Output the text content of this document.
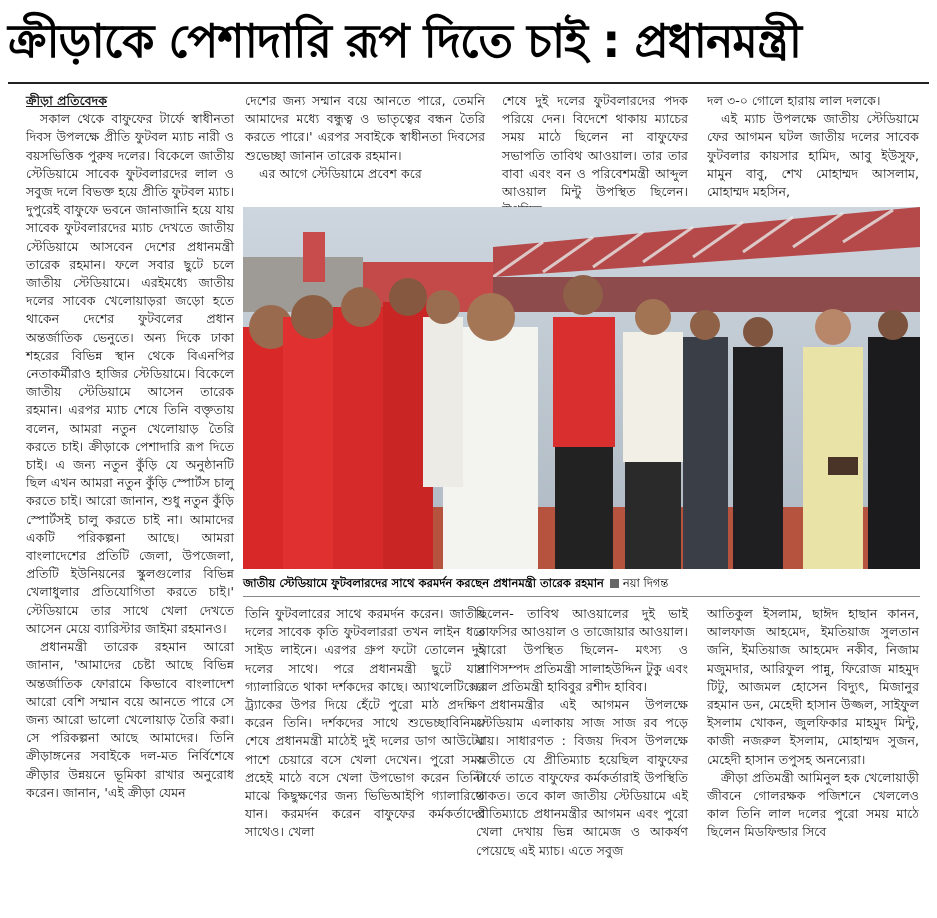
ক্রীড়াকে পেশাদারি রূপ দিতে চাই : প্রধানমন্ত্রী
ক্রীড়া প্রতিবেদক

সকাল থেকে বাফুফের টার্ফে স্বাধীনতা দিবস উপলক্ষে প্রীতি ফুটবল ম্যাচ নারী ও বয়সভিত্তিক পুরুষ দলের। বিকেলে জাতীয় স্টেডিয়ামে সাবেক ফুটবলারদের লাল ও সবুজ দলে বিভক্ত হয়ে প্রীতি ফুটবল ম্যাচ। দুপুরেই বাফুফে ভবনে জানাজানি হয়ে যায় সাবেক ফুটবলারদের ম্যাচ দেখতে জাতীয় স্টেডিয়ামে আসবেন দেশের প্রধানমন্ত্রী তারেক রহমান। ফলে সবার ছুটে চলে জাতীয় স্টেডিয়ামে। এরইমধ্যে জাতীয় দলের সাবেক খেলোয়াড়রা জড়ো হতে থাকেন দেশের ফুটবলের প্রধান অন্তর্জাতিক ভেনুতে। অন্য দিকে ঢাকা শহরের বিভিন্ন স্থান থেকে বিএনপির নেতাকর্মীরাও হাজির স্টেডিয়ামে। বিকেলে জাতীয় স্টেডিয়ামে আসেন তারেক রহমান। এরপর ম্যাচ শেষে তিনি বক্তৃতায় বলেন, আমরা নতুন খেলোয়াড় তৈরি করতে চাই। ক্রীড়াকে পেশাদারি রূপ দিতে চাই। এ জন্য নতুন কুঁড়ি যে অনুষ্ঠানটি ছিল এখন আমরা নতুন কুঁড়ি স্পোর্টস চালু করতে চাই। আরো জানান, শুধু নতুন কুঁড়ি স্পোর্টসই চালু করতে চাই না। আমাদের একটি পরিকল্পনা আছে। আমরা বাংলাদেশের প্রতিটি জেলা, উপজেলা, প্রতিটি ইউনিয়নের স্কুলগুলোর বিভিন্ন খেলাধুলার প্রতিযোগিতা করতে চাই।' স্টেডিয়ামে তার সাথে খেলা দেখতে আসেন মেয়ে ব্যারিস্টার জাইমা রহমানও।

প্রধানমন্ত্রী তারেক রহমান আরো জানান, 'আমাদের চেষ্টা আছে বিভিন্ন অন্তর্জাতিক ফোরামে কিভাবে বাংলাদেশ আরো বেশি সম্মান বয়ে আনতে পারে সে জন্য আরো ভালো খেলোয়াড় তৈরি করা। সে পরিকল্পনা আছে আমাদের। তিনি ক্রীড়াঙ্গনের সবাইকে দল-মত নির্বিশেষে ক্রীড়ার উন্নয়নে ভূমিকা রাখার অনুরোধ করেন। জানান, 'এই ক্রীড়া যেমন

দেশের জন্য সম্মান বয়ে আনতে পারে, তেমনি আমাদের মধ্যে বন্ধুত্ব ও ভাতৃত্বের বন্ধন তৈরি করতে পারে।' এরপর সবাইকে স্বাধীনতা দিবসের শুভেচ্ছা জানান তারেক রহমান।

এর আগে স্টেডিয়ামে প্রবেশ করে

শেষে দুই দলের ফুটবলারদের পদক পরিয়ে দেন। বিদেশে থাকায় ম্যাচের সময় মাঠে ছিলেন না বাফুফের সভাপতি তাবিথ আওয়াল। তার তার বাবা এবং বন ও পরিবেশমন্ত্রী আব্দুল আওয়াল মিন্টু উপস্থিত ছিলেন।

দল ৩-০ গোলে হারায় লাল দলকে।

এই ম্যাচ উপলক্ষে জাতীয় স্টেডিয়ামে ফের আগমন ঘটল জাতীয় দলের সাবেক ফুটবলার কায়সার হামিদ, আবু ইউসুফ, মামুন বাবু, শেখ মোহাম্মদ আসলাম, মোহাম্মদ মহসিন,

জাতীয় স্টেডিয়ামে ফুটবলারদের সাথে করমর্দন করছেন প্রধানমন্ত্রী তারেক রহমান নয়া দিগন্ত

তিনি ফুটবলারের সাথে করমর্দন করেন। জাতীয় দলের সাবেক কৃতি ফুটবলাররা তখন লাইন ধরে সাইড লাইনে। এরপর গ্রুপ ফটো তোলেন দুই দলের সাথে। পরে প্রধানমন্ত্রী ছুটে যান গ্যালারিতে থাকা দর্শকদের কাছে। অ্যাথলেটিক্সের ট্র্যাকের উপর দিয়ে হেঁটে পুরো মাঠ প্রদক্ষিণ করেন তিনি। দর্শকদের সাথে শুভেচ্ছাবিনিময় শেষে প্রধানমন্ত্রী মাঠেই দুই দলের ডাগ আউটের পাশে চেয়ারে বসে খেলা দেখেন। পুরো সময় প্রহেই মাঠে বসে খেলা উপভোগ করেন তিনি। মাঝে কিছুক্ষণের জন্য ভিভিআইপি গ্যালারিতে যান। করমর্দন করেন বাফুফের কর্মকর্তাদের সাথেও। খেলা

ছিলেন- তাবিথ আওয়ালের দুই ভাই তাফসির আওয়াল ও তাজোয়ার আওয়াল। আরো উপস্থিত ছিলেন- মৎস্য ও প্রাণিসম্পদ প্রতিমন্ত্রী সালাহউদ্দিন টুকু এবং রেল প্রতিমন্ত্রী হাবিবুর রশীদ হাবিব।

প্রধানমন্ত্রীর এই আগমন উপলক্ষে স্টেডিয়াম এলাকায় সাজ সাজ রব পড়ে যায়। সাধারণত : বিজয় দিবস উপলক্ষে অতীতে যে প্রীতিম্যাচ হয়েছিল বাফুফের টার্ফে তাতে বাফুফের কর্মকর্তারাই উপস্থিতি থাকত। তবে কাল জাতীয় স্টেডিয়ামে এই প্রীতিম্যাচে প্রধানমন্ত্রীর আগমন এবং পুরো খেলা দেখায় ভিন্ন আমেজ ও আকর্ষণ পেয়েছে এই ম্যাচ। এতে সবুজ

আতিকুল ইসলাম, ছাঈদ হাছান কানন, আলফাজ আহমেদ, ইমতিয়াজ সুলতান জনি, ইমতিয়াজ আহমেদ নকীব, নিজাম মজুমদার, আরিফুল পান্নু, ফিরোজ মাহমুদ টিটু, আজমল হোসেন বিদ্যুৎ, মিজানুর রহমান ডন, মেহেদী হাসান উজ্জল, সাইফুল ইসলাম খোকন, জুলফিকার মাহমুদ মিন্টু, কাজী নজরুল ইসলাম, মোহাম্মদ সুজন, মেহেদী হাসান তপুসহ অনন্যেরা।

ক্রীড়া প্রতিমন্ত্রী আমিনুল হক খেলোয়াড়ী জীবনে গোলরক্ষক পজিশনে খেললেও কাল তিনি লাল দলের পুরো সময় মাঠে ছিলেন মিডফিল্ডার সিবে
